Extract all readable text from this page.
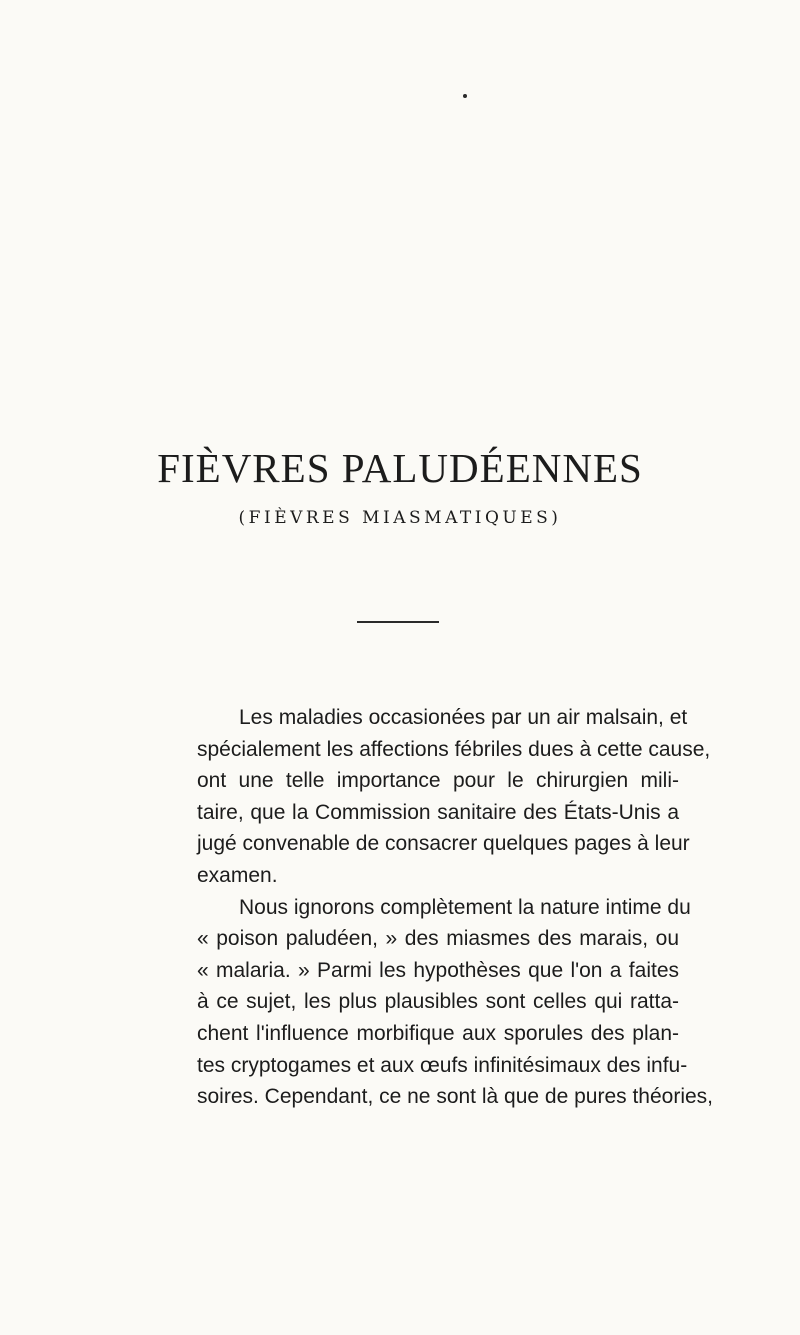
FIÈVRES PALUDÉENNES
(FIÈVRES MIASMATIQUES)
Les maladies occasionées par un air malsain, et
spécialement les affections fébriles dues à cette cause,
ont une telle importance pour le chirurgien mili-
taire, que la Commission sanitaire des États-Unis a
jugé convenable de consacrer quelques pages à leur
examen.
Nous ignorons complètement la nature intime du
« poison paludéen, » des miasmes des marais, ou
« malaria. » Parmi les hypothèses que l'on a faites
à ce sujet, les plus plausibles sont celles qui ratta-
chent l'influence morbifique aux sporules des plan-
tes cryptogames et aux œufs infinitésimaux des infu-
soires. Cependant, ce ne sont là que de pures théories,
